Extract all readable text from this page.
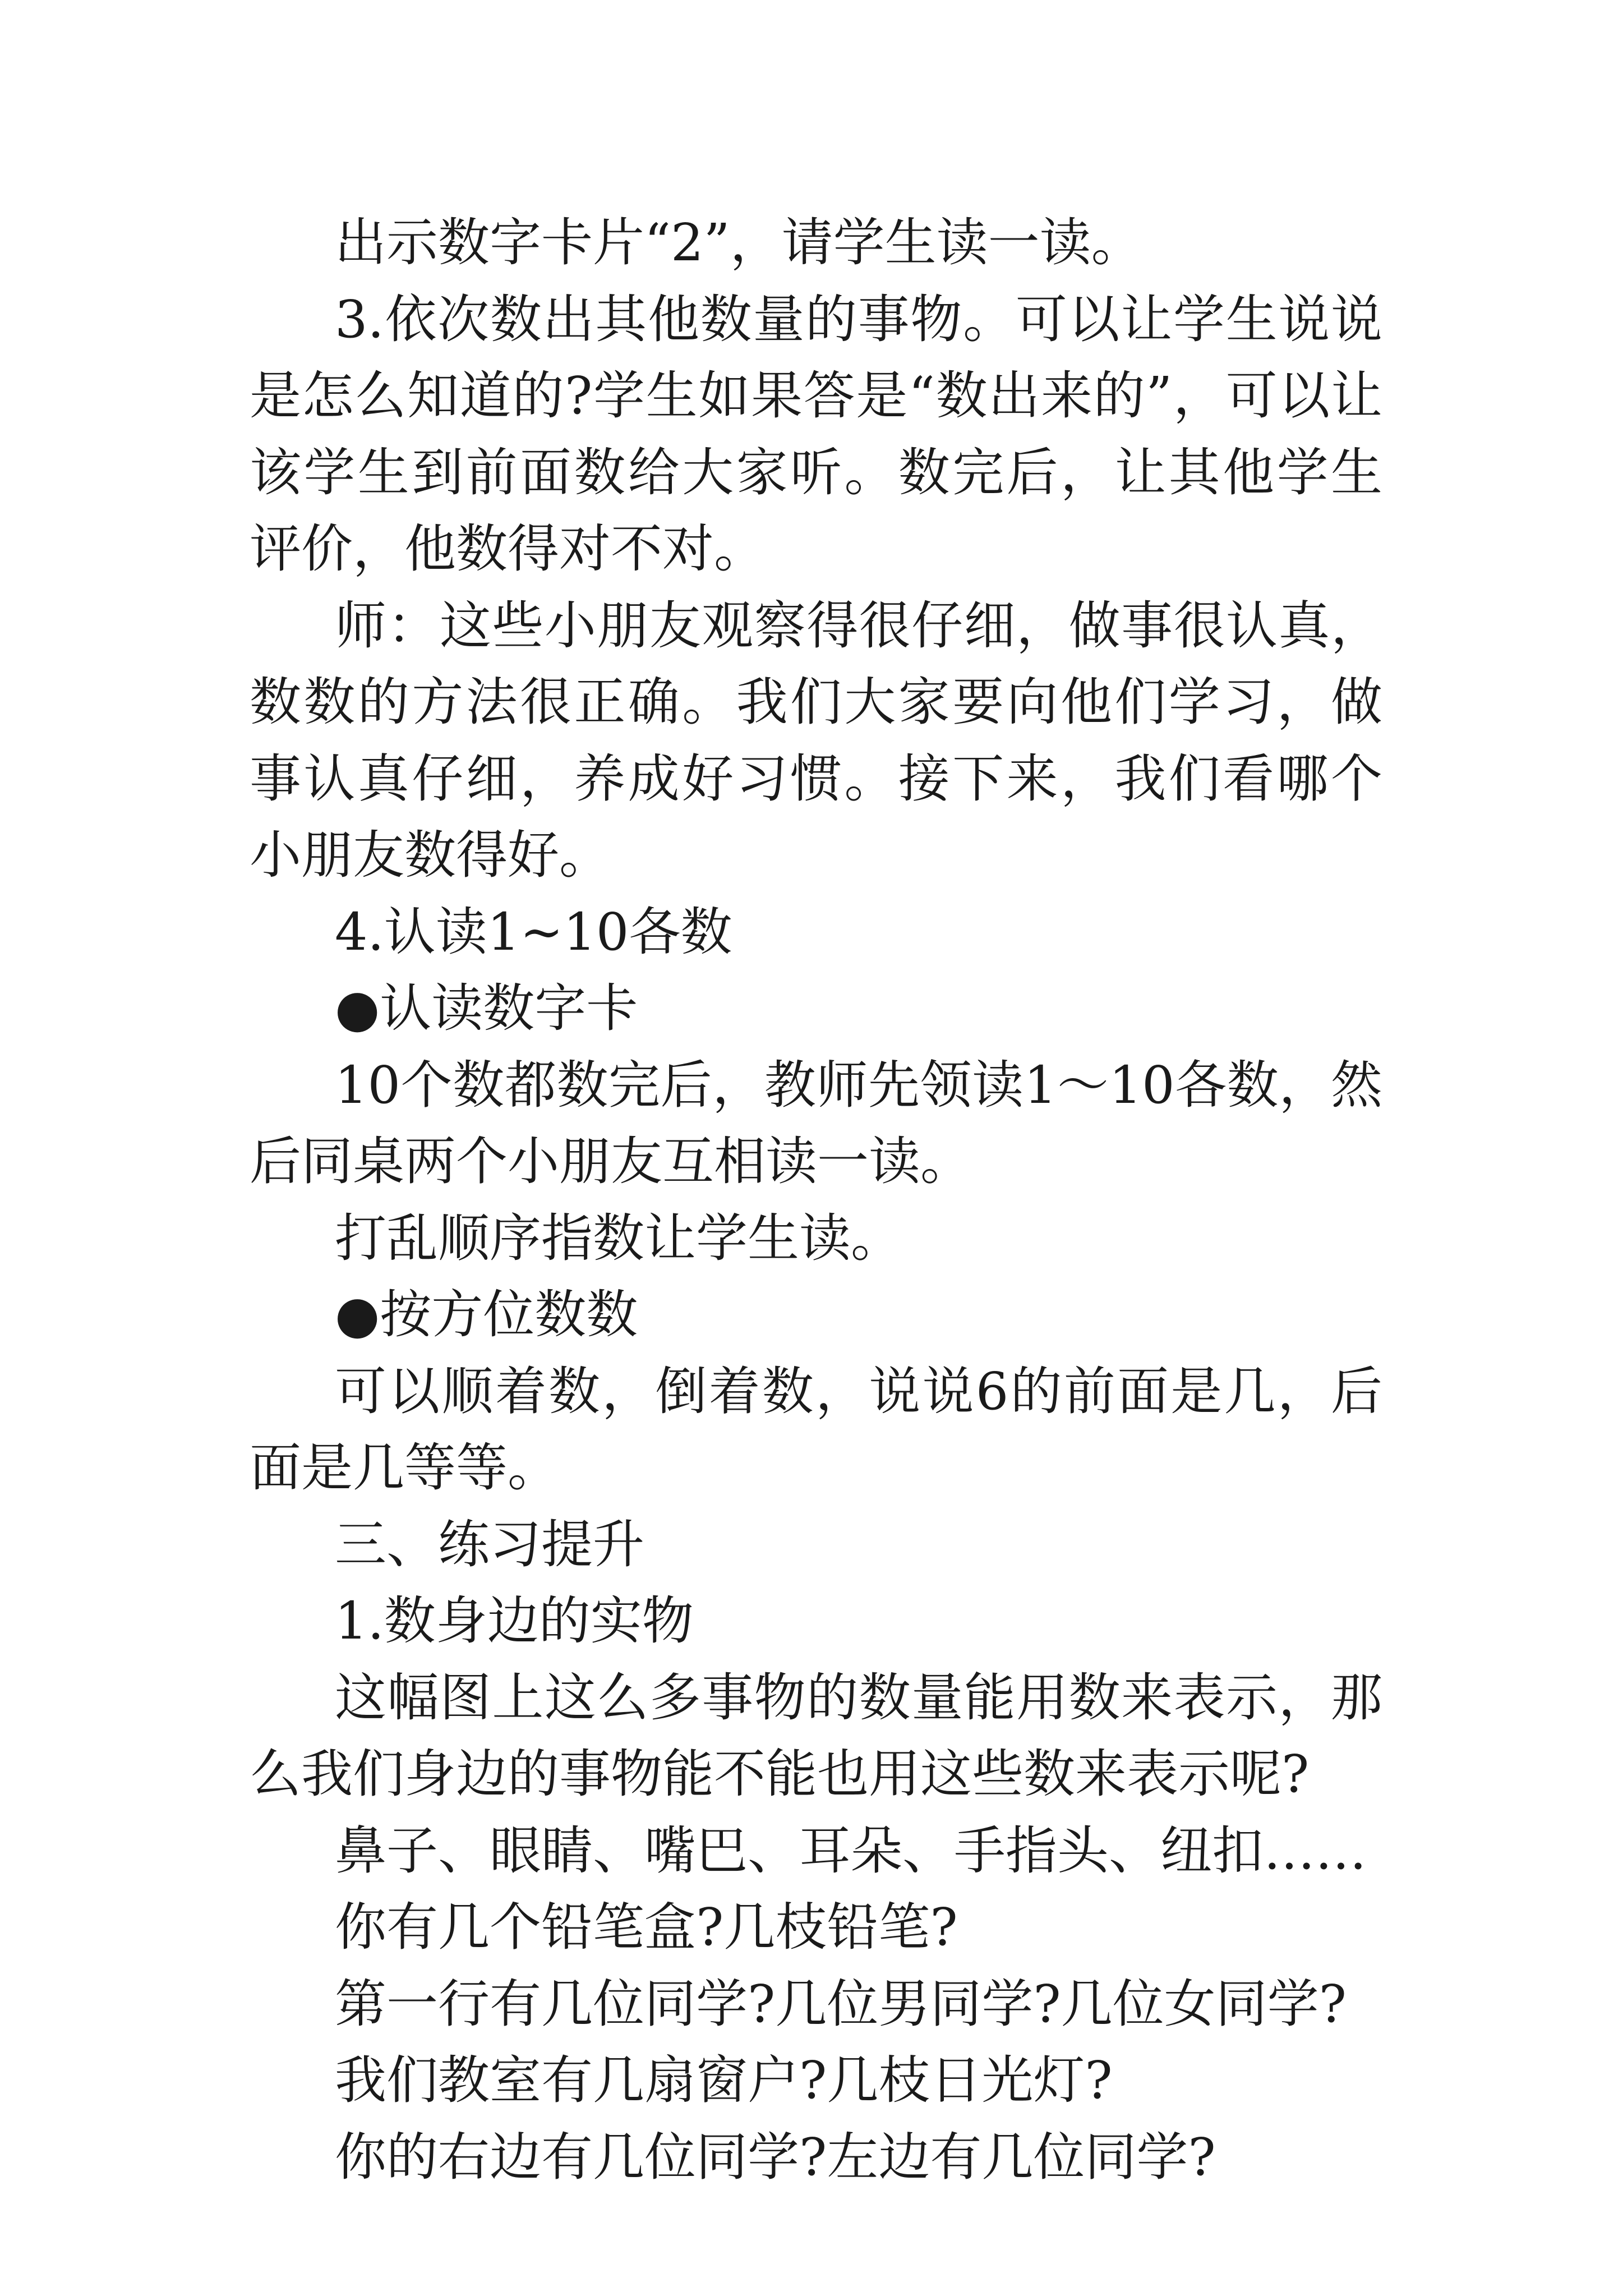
出示数字卡片“2”，请学生读一读。

3.依次数出其他数量的事物。可以让学生说说是怎么知道的?学生如果答是“数出来的”，可以让该学生到前面数给大家听。数完后，让其他学生评价，他数得对不对。

师：这些小朋友观察得很仔细，做事很认真，数数的方法很正确。我们大家要向他们学习，做事认真仔细，养成好习惯。接下来，我们看哪个小朋友数得好。

4.认读1~10各数

●认读数字卡

10个数都数完后，教师先领读1～10各数，然后同桌两个小朋友互相读一读。

打乱顺序指数让学生读。

●按方位数数

可以顺着数，倒着数，说说6的前面是几，后面是几等等。

三、练习提升

1.数身边的实物

这幅图上这么多事物的数量能用数来表示，那么我们身边的事物能不能也用这些数来表示呢?

鼻子、眼睛、嘴巴、耳朵、手指头、纽扣……

你有几个铅笔盒?几枝铅笔?

第一行有几位同学?几位男同学?几位女同学?

我们教室有几扇窗户?几枝日光灯?

你的右边有几位同学?左边有几位同学?
